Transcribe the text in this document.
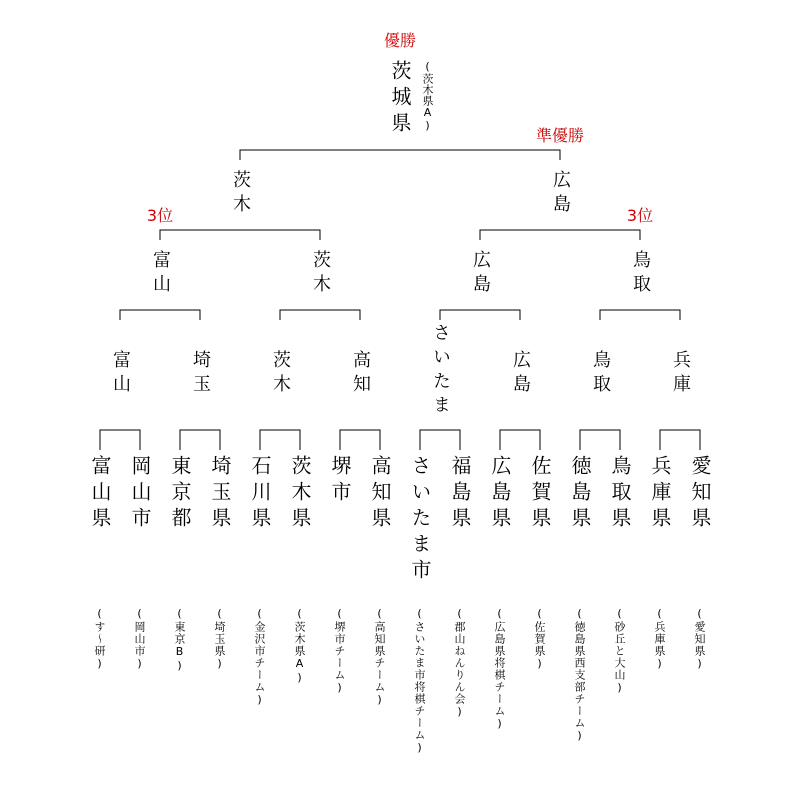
優勝
準優勝
3位	3位
茨城県 (茨木県A)
茨木	広島
富山	茨木	広島	鳥取
富山	埼玉	茨木	高知	さいたま	広島	鳥取	兵庫
富山県 岡山市 東京都 埼玉県 石川県 茨木県 堺市 高知県 さいたま市 福島県 広島県 佐賀県 徳島県 鳥取県 兵庫県 愛知県
(す〜研) (岡山市) (東京B) (埼玉県) (金沢市チーム) (茨木県A) (堺市チーム) (高知県チーム) (さいたま市将棋チーム) (郡山ねんりん会) (広島県将棋チーム) (佐賀県) (徳島県西支部チーム) (砂丘と大山) (兵庫県) (愛知県)
